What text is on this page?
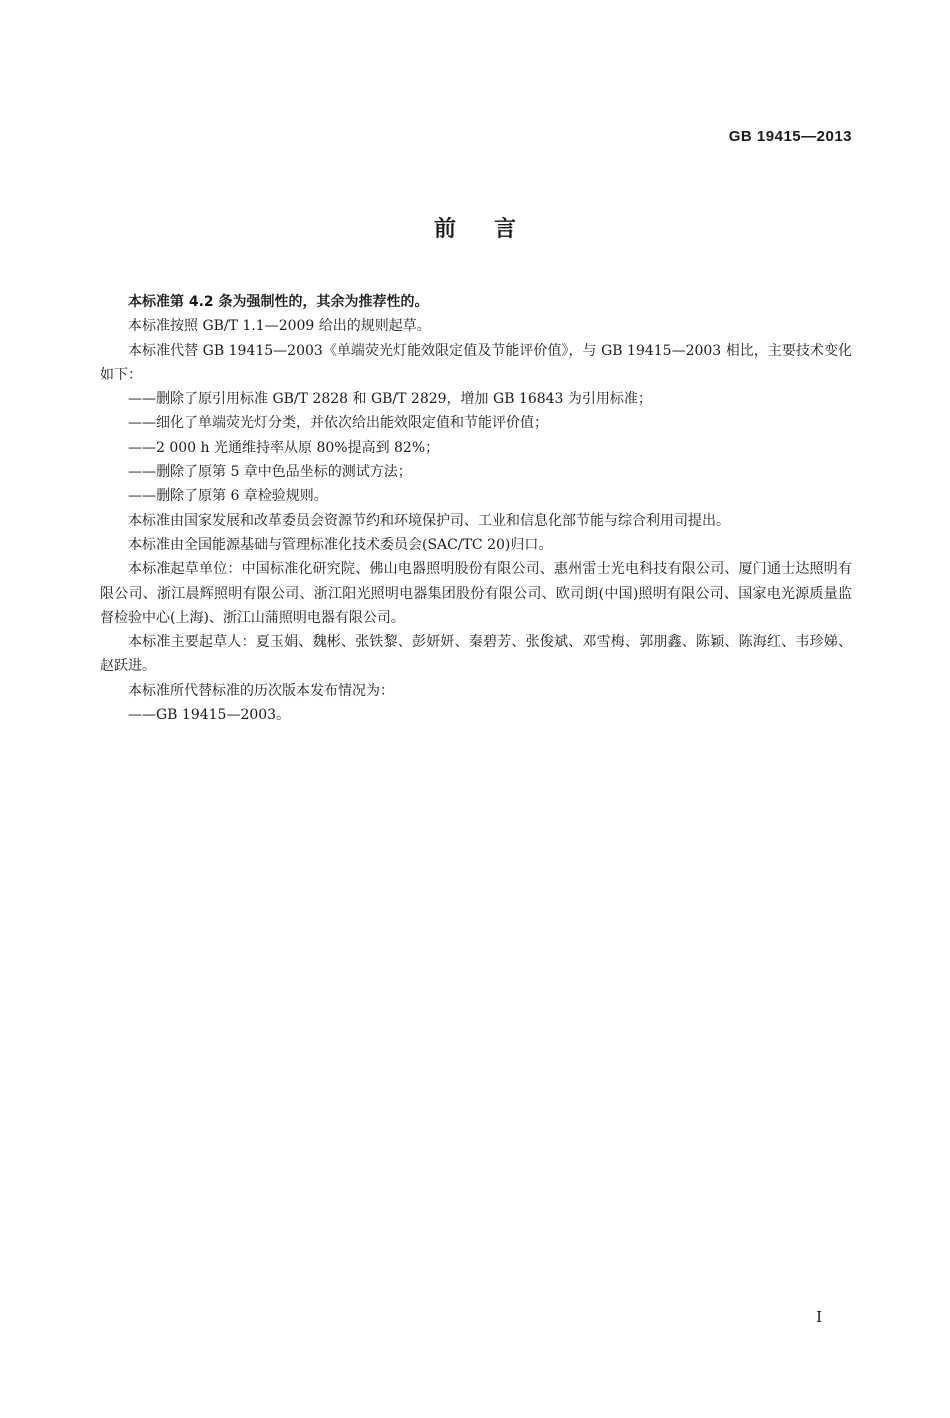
GB 19415—2013
前言

本标准第 4.2 条为强制性的，其余为推荐性的。

本标准按照 GB/T 1.1—2009 给出的规则起草。

本标准代替 GB 19415—2003《单端荧光灯能效限定值及节能评价值》，与 GB 19415—2003 相比，主要技术变化如下：

——删除了原引用标准 GB/T 2828 和 GB/T 2829，增加 GB 16843 为引用标准；

——细化了单端荧光灯分类，并依次给出能效限定值和节能评价值；

——2 000 h 光通维持率从原 80%提高到 82%；

——删除了原第 5 章中色品坐标的测试方法；

——删除了原第 6 章检验规则。

本标准由国家发展和改革委员会资源节约和环境保护司、工业和信息化部节能与综合利用司提出。

本标准由全国能源基础与管理标准化技术委员会(SAC/TC 20)归口。

本标准起草单位：中国标准化研究院、佛山电器照明股份有限公司、惠州雷士光电科技有限公司、厦门通士达照明有限公司、浙江晨辉照明有限公司、浙江阳光照明电器集团股份有限公司、欧司朗(中国)照明有限公司、国家电光源质量监督检验中心(上海)、浙江山蒲照明电器有限公司。

本标准主要起草人：夏玉娟、魏彬、张铁黎、彭妍妍、秦碧芳、张俊斌、邓雪梅、郭朋鑫、陈颖、陈海红、韦珍娣、赵跃进。

本标准所代替标准的历次版本发布情况为：

——GB 19415—2003。

I
